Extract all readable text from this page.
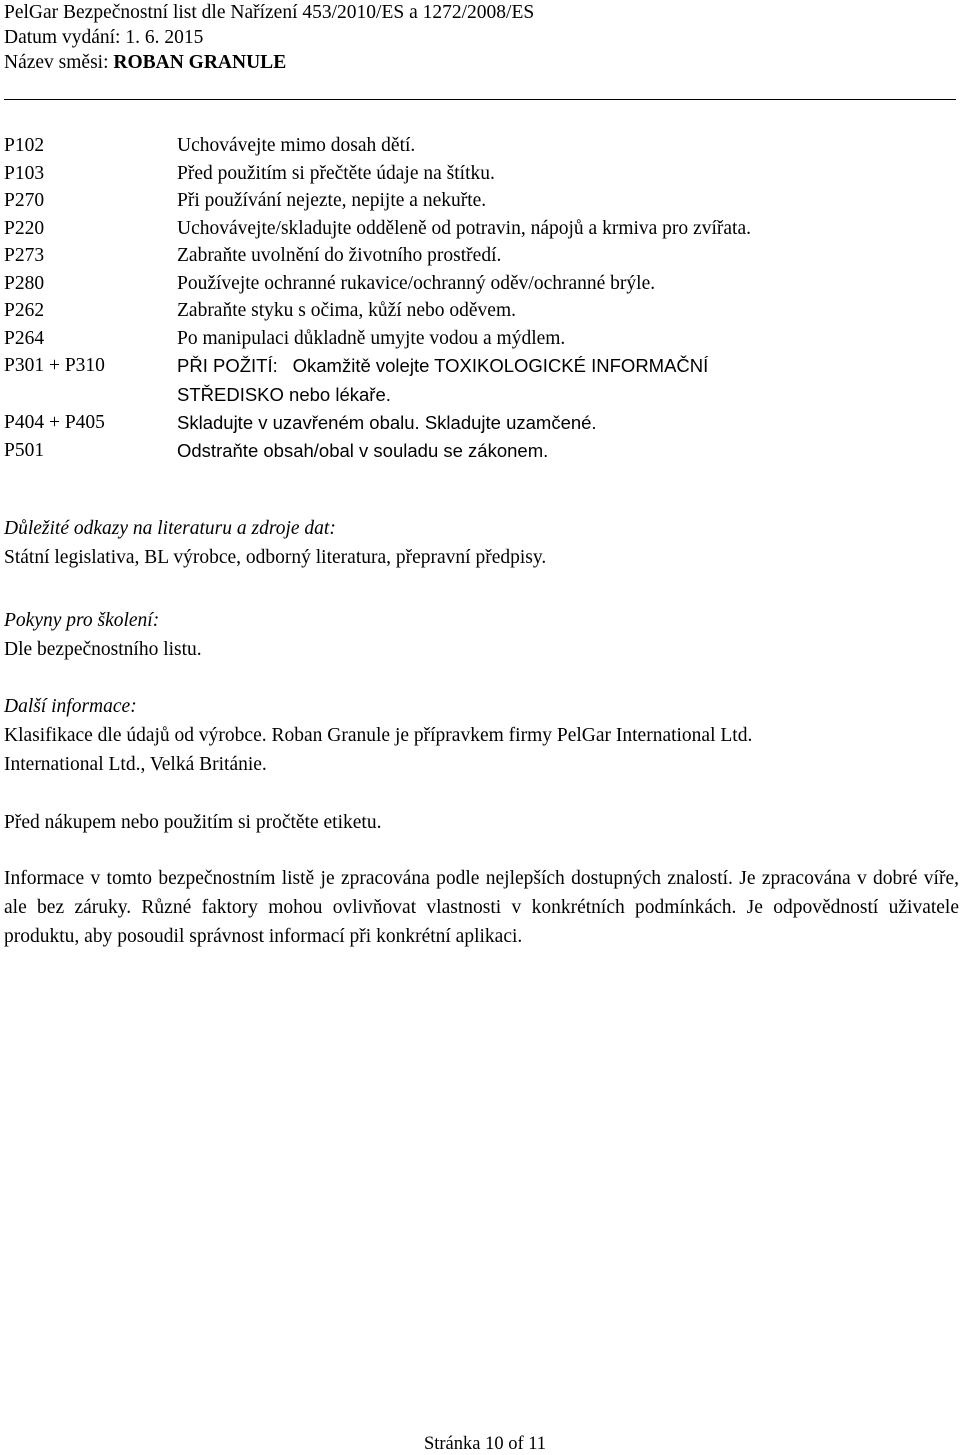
PelGar Bezpečnostní list dle Nařízení 453/2010/ES a 1272/2008/ES
Datum vydání: 1. 6. 2015
Název směsi: ROBAN GRANULE
P102	Uchovávejte mimo dosah dětí.
P103	Před použitím si přečtěte údaje na štítku.
P270	Při používání nejezte, nepijte a nekuřte.
P220	Uchovávejte/skladujte odděleně od potravin, nápojů a krmiva pro zvířata.
P273	Zabraňte uvolnění do životního prostředí.
P280	Používejte ochranné rukavice/ochranný oděv/ochranné brýle.
P262	Zabraňte styku s očima, kůží nebo oděvem.
P264	Po manipulaci důkladně umyjte vodou a mýdlem.
P301 + P310	PŘI POŽITÍ: Okamžitě volejte TOXIKOLOGICKÉ INFORMAČNÍ
STŘEDISKO nebo lékaře.
P404 + P405	Skladujte v uzavřeném obalu. Skladujte uzamčené.
P501	Odstraňte obsah/obal v souladu se zákonem.
Důležité odkazy na literaturu a zdroje dat:
Státní legislativa, BL výrobce, odborný literatura, přepravní předpisy.
Pokyny pro školení:
Dle bezpečnostního listu.
Další informace:
Klasifikace dle údajů od výrobce. Roban Granule je přípravkem firmy PelGar International Ltd.
International Ltd., Velká Británie.
Před nákupem nebo použitím si pročtěte etiketu.
Informace v tomto bezpečnostním listě je zpracována podle nejlepších dostupných znalostí. Je zpracována v dobré víře, ale bez záruky. Různé faktory mohou ovlivňovat vlastnosti v konkrétních podmínkách. Je odpovědností uživatele produktu, aby posoudil správnost informací při konkrétní aplikaci.
Stránka 10 of 11
